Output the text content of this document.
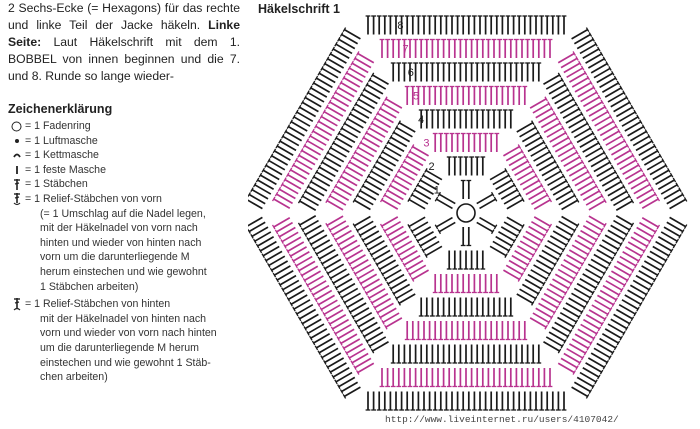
2 Sechs-Ecke (= Hexagons) für das rechte und linke Teil der Jacke häkeln. Linke Seite: Laut Häkelschrift mit dem 1. BOBBEL von innen beginnen und die 7. und 8. Runde so lange wieder-

Zeichenerklärung
= 1 Fadenring
= 1 Luftmasche
= 1 Kettmasche
= 1 feste Masche
= 1 Stäbchen
= 1 Relief-Stäbchen von vorn
(= 1 Umschlag auf die Nadel legen,
mit der Häkelnadel von vorn nach
hinten und wieder von hinten nach
vorn um die darunterliegende M
herum einstechen und wie gewohnt
1 Stäbchen arbeiten)
= 1 Relief-Stäbchen von hinten
mit der Häkelnadel von hinten nach
vorn und wieder von vorn nach hinten
um die darunterliegende M herum
einstechen und wie gewohnt 1 Stäb-
chen arbeiten)
Häkelschrift 1
1
2
3
4
5
6
7
8
http://www.liveinternet.ru/users/4107042/
